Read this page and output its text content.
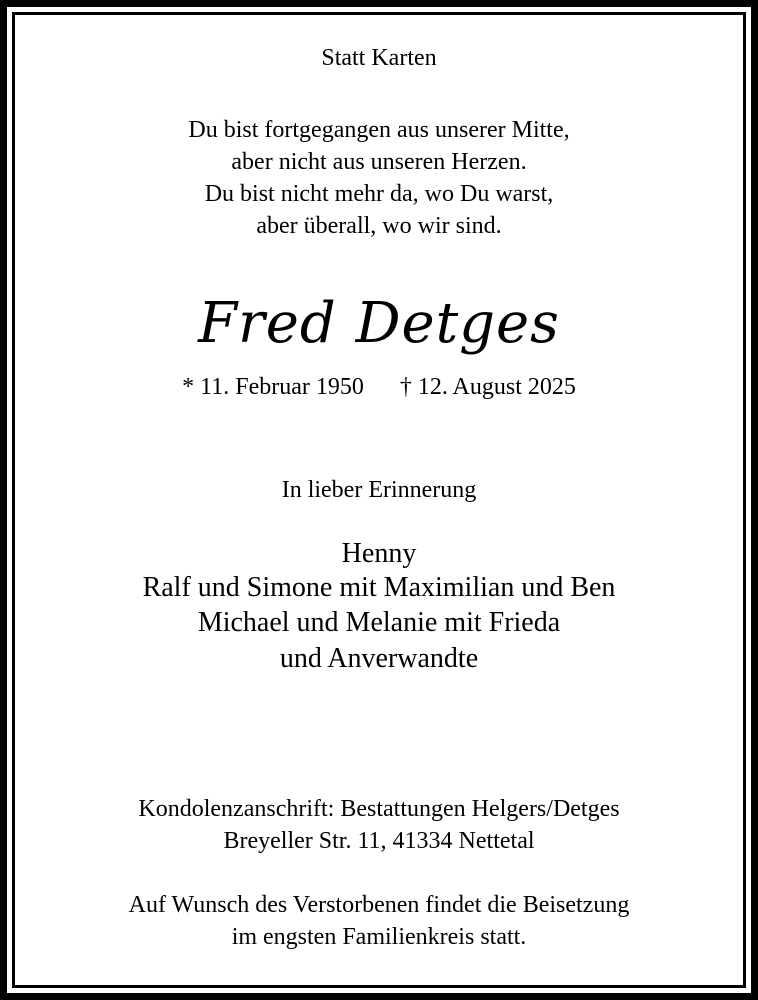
Statt Karten
Du bist fortgegangen aus unserer Mitte,
aber nicht aus unseren Herzen.
Du bist nicht mehr da, wo Du warst,
aber überall, wo wir sind.
Fred Detges
* 11. Februar 1950 † 12. August 2025
In lieber Erinnerung
Henny
Ralf und Simone mit Maximilian und Ben
Michael und Melanie mit Frieda
und Anverwandte
Kondolenzanschrift: Bestattungen Helgers/Detges
Breyeller Str. 11, 41334 Nettetal
Auf Wunsch des Verstorbenen findet die Beisetzung
im engsten Familienkreis statt.
